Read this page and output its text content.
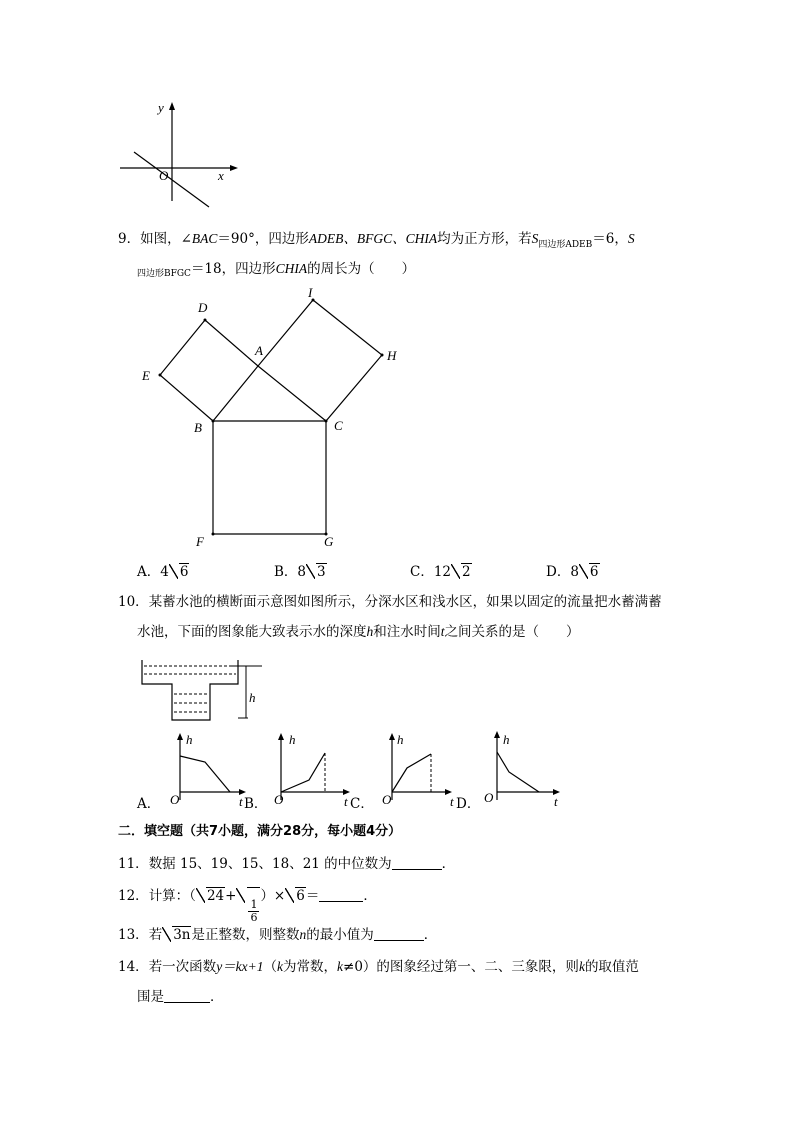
y
x
O
9．如图，∠BAC＝90°，四边形ADEB、BFGC、CHIA均为正方形，若$S_{四边形ADEB}=6$，S
$_{四边形BFGC}$＝18，四边形CHIA的周长为（　　）
D
I
A	H
E
B	C
F	G
A．4 6	B．8 3	C．12 2	D．8 6
10．某蓄水池的横断面示意图如图所示，分深水区和浅水区，如果以固定的流量把水蓄满蓄
水池，下面的图象能大致表示水的深度h和注水时间t之间关系的是（　　）
h
h
O	t
h
O	t
h
O	t
h
O	t
A．	B．	C．	D．
二．填空题（共7小题，满分28分，每小题4分）
11．数据 15、19、15、18、21 的中位数为	．
12．计算：（ 24+
$\frac{1}{6}$
）× 6＝	．
13．若 3n是正整数，则整数n的最小值为	．
14．若一次函数y＝kx+1（k为常数，k≠0）的图象经过第一、二、三象限，则k的取值范
围是	．
